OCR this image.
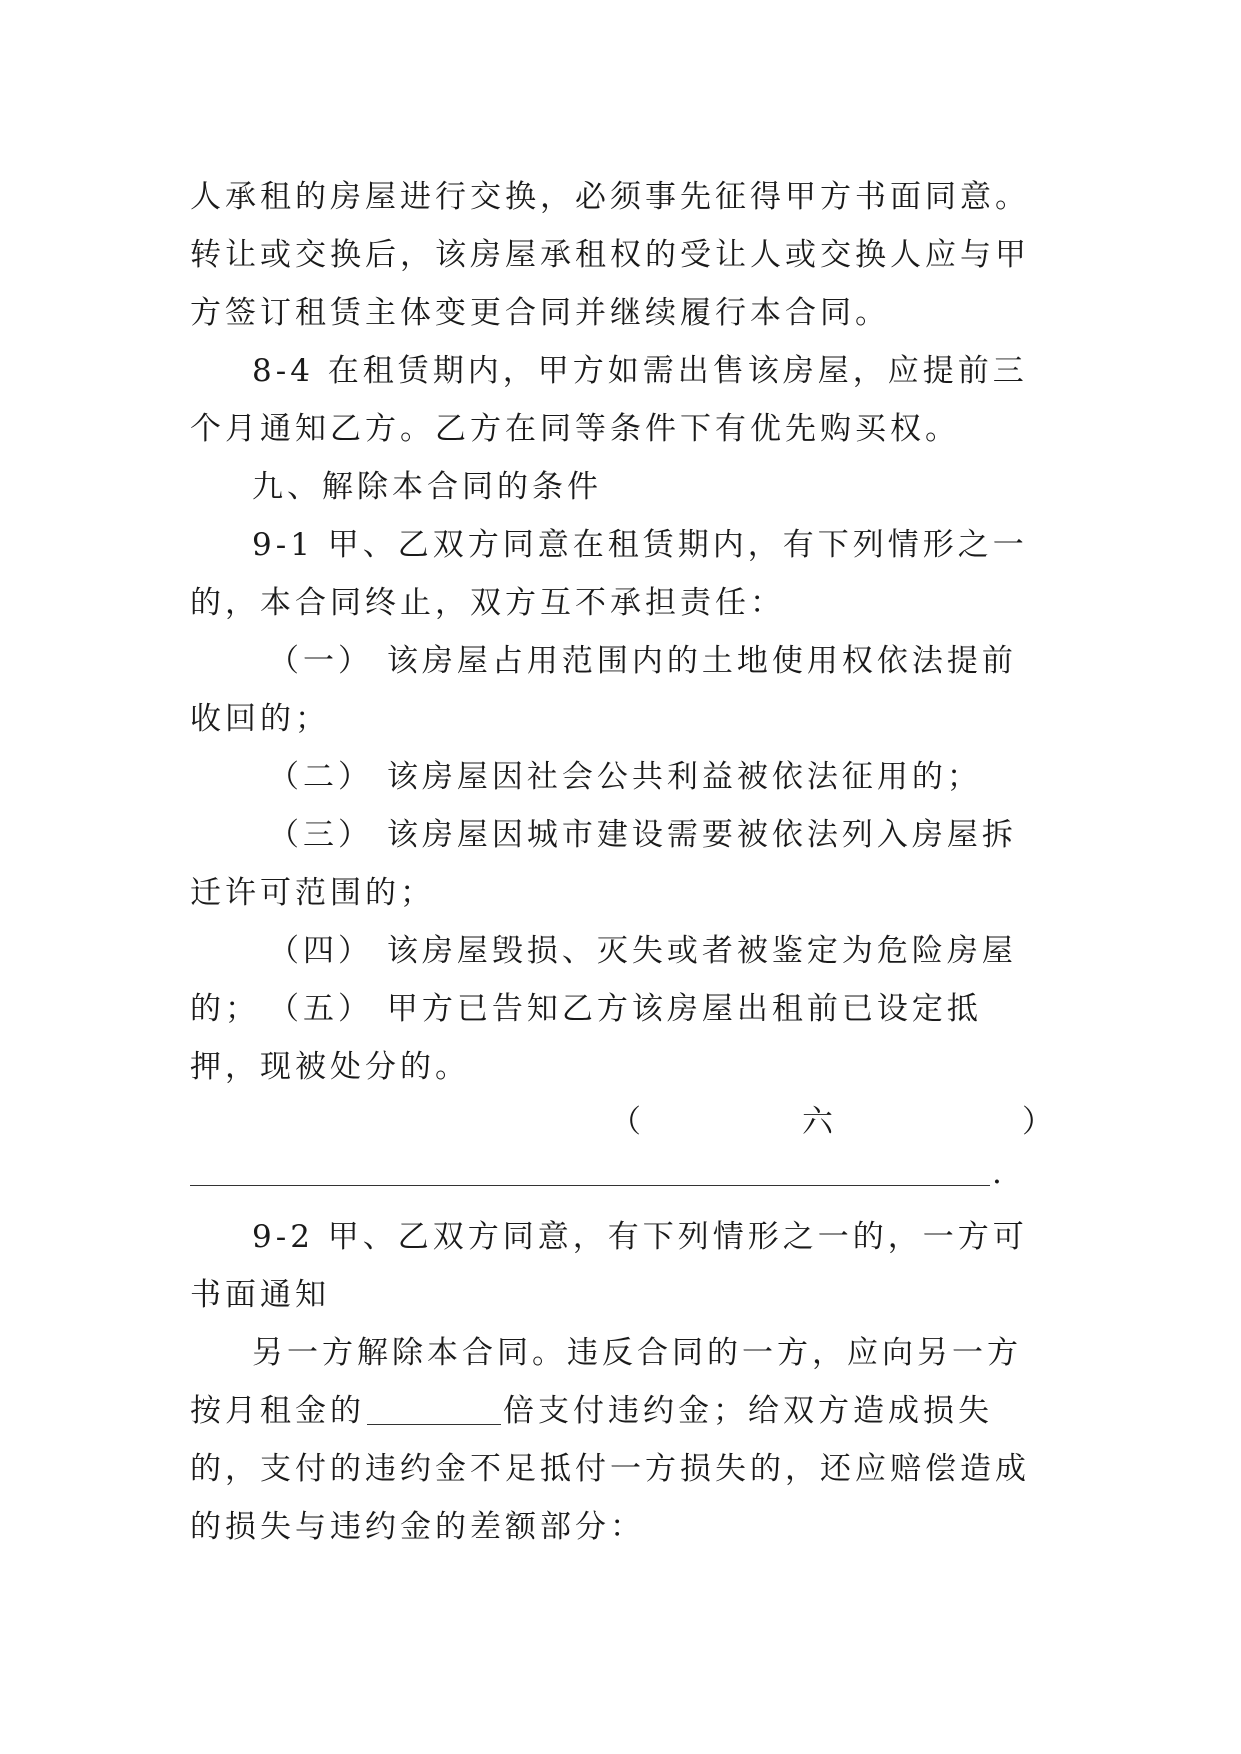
人承租的房屋进行交换，必须事先征得甲方书面同意。转让或交换后，该房屋承租权的受让人或交换人应与甲方签订租赁主体变更合同并继续履行本合同。

8-4 在租赁期内，甲方如需出售该房屋，应提前三个月通知乙方。乙方在同等条件下有优先购买权。

九、解除本合同的条件

9-1 甲、乙双方同意在租赁期内，有下列情形之一的，本合同终止，双方互不承担责任：

（一） 该房屋占用范围内的土地使用权依法提前收回的；

（二） 该房屋因社会公共利益被依法征用的；

（三） 该房屋因城市建设需要被依法列入房屋拆迁许可范围的；

（四） 该房屋毁损、灭失或者被鉴定为危险房屋的； （五） 甲方已告知乙方该房屋出租前已设定抵押，现被处分的。

（	六	）
.

9-2 甲、乙双方同意，有下列情形之一的，一方可书面通知

另一方解除本合同。违反合同的一方，应向另一方按月租金的	倍支付违约金；给双方造成损失的，支付的违约金不足抵付一方损失的，还应赔偿造成的损失与违约金的差额部分：
